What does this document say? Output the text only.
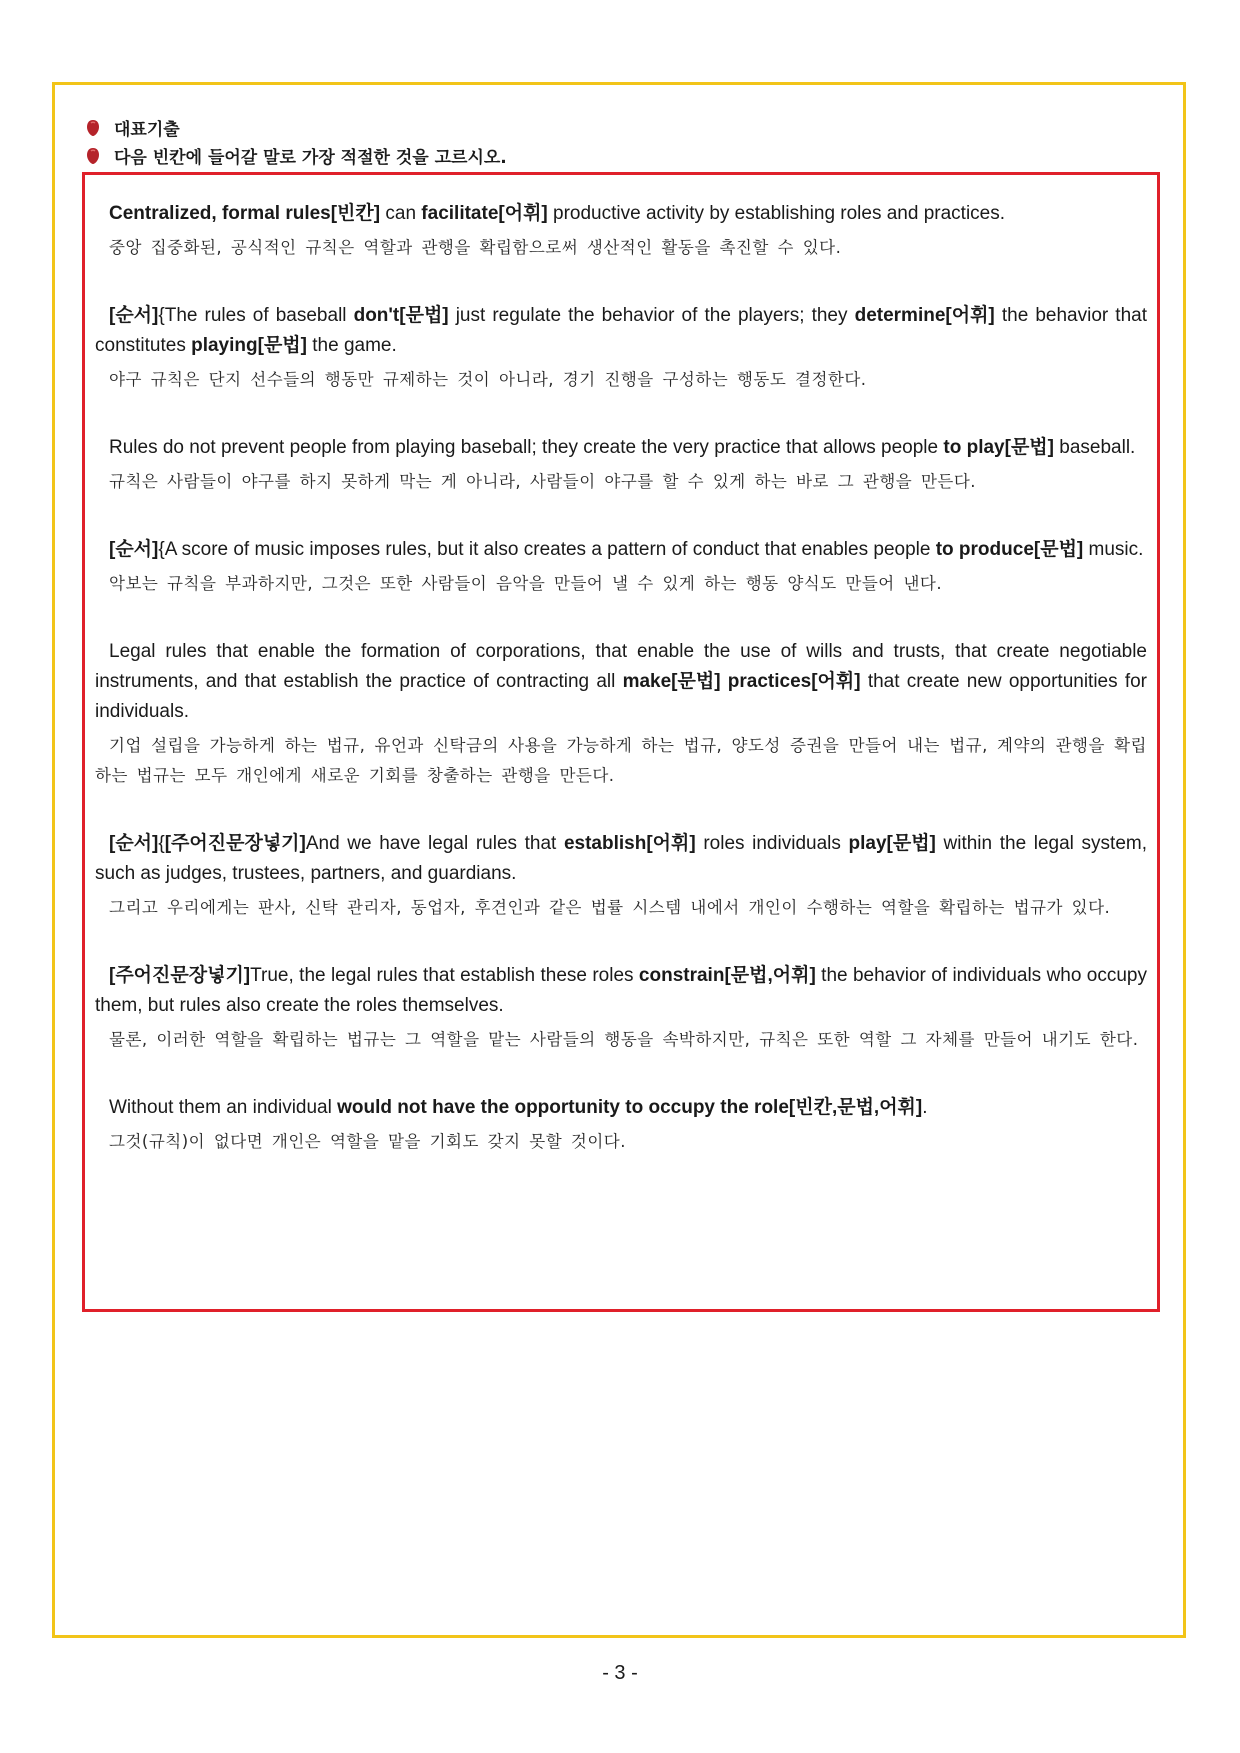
대표기출
다음 빈칸에 들어갈 말로 가장 적절한 것을 고르시오.

Centralized, formal rules[빈칸] can facilitate[어휘] productive activity by establishing roles and practices.

중앙 집중화된, 공식적인 규칙은 역할과 관행을 확립함으로써 생산적인 활동을 촉진할 수 있다.

[순서]{The rules of baseball don't[문법] just regulate the behavior of the players; they determine[어휘] the behavior that constitutes playing[문법] the game.

야구 규칙은 단지 선수들의 행동만 규제하는 것이 아니라, 경기 진행을 구성하는 행동도 결정한다.

Rules do not prevent people from playing baseball; they create the very practice that allows people to play[문법] baseball.

규칙은 사람들이 야구를 하지 못하게 막는 게 아니라, 사람들이 야구를 할 수 있게 하는 바로 그 관행을 만든다.

[순서]{A score of music imposes rules, but it also creates a pattern of conduct that enables people to produce[문법] music.

악보는 규칙을 부과하지만, 그것은 또한 사람들이 음악을 만들어 낼 수 있게 하는 행동 양식도 만들어 낸다.

Legal rules that enable the formation of corporations, that enable the use of wills and trusts, that create negotiable instruments, and that establish the practice of contracting all make[문법] practices[어휘] that create new opportunities for individuals.

기업 설립을 가능하게 하는 법규, 유언과 신탁금의 사용을 가능하게 하는 법규, 양도성 증권을 만들어 내는 법규, 계약의 관행을 확립하는 법규는 모두 개인에게 새로운 기회를 창출하는 관행을 만든다.

[순서]{[주어진문장넣기]And we have legal rules that establish[어휘] roles individuals play[문법] within the legal system, such as judges, trustees, partners, and guardians.

그리고 우리에게는 판사, 신탁 관리자, 동업자, 후견인과 같은 법률 시스템 내에서 개인이 수행하는 역할을 확립하는 법규가 있다.

[주어진문장넣기]True, the legal rules that establish these roles constrain[문법,어휘] the behavior of individuals who occupy them, but rules also create the roles themselves.

물론, 이러한 역할을 확립하는 법규는 그 역할을 맡는 사람들의 행동을 속박하지만, 규칙은 또한 역할 그 자체를 만들어 내기도 한다.

Without them an individual would not have the opportunity to occupy the role[빈칸,문법,어휘].

그것(규칙)이 없다면 개인은 역할을 맡을 기회도 갖지 못할 것이다.

- 3 -
